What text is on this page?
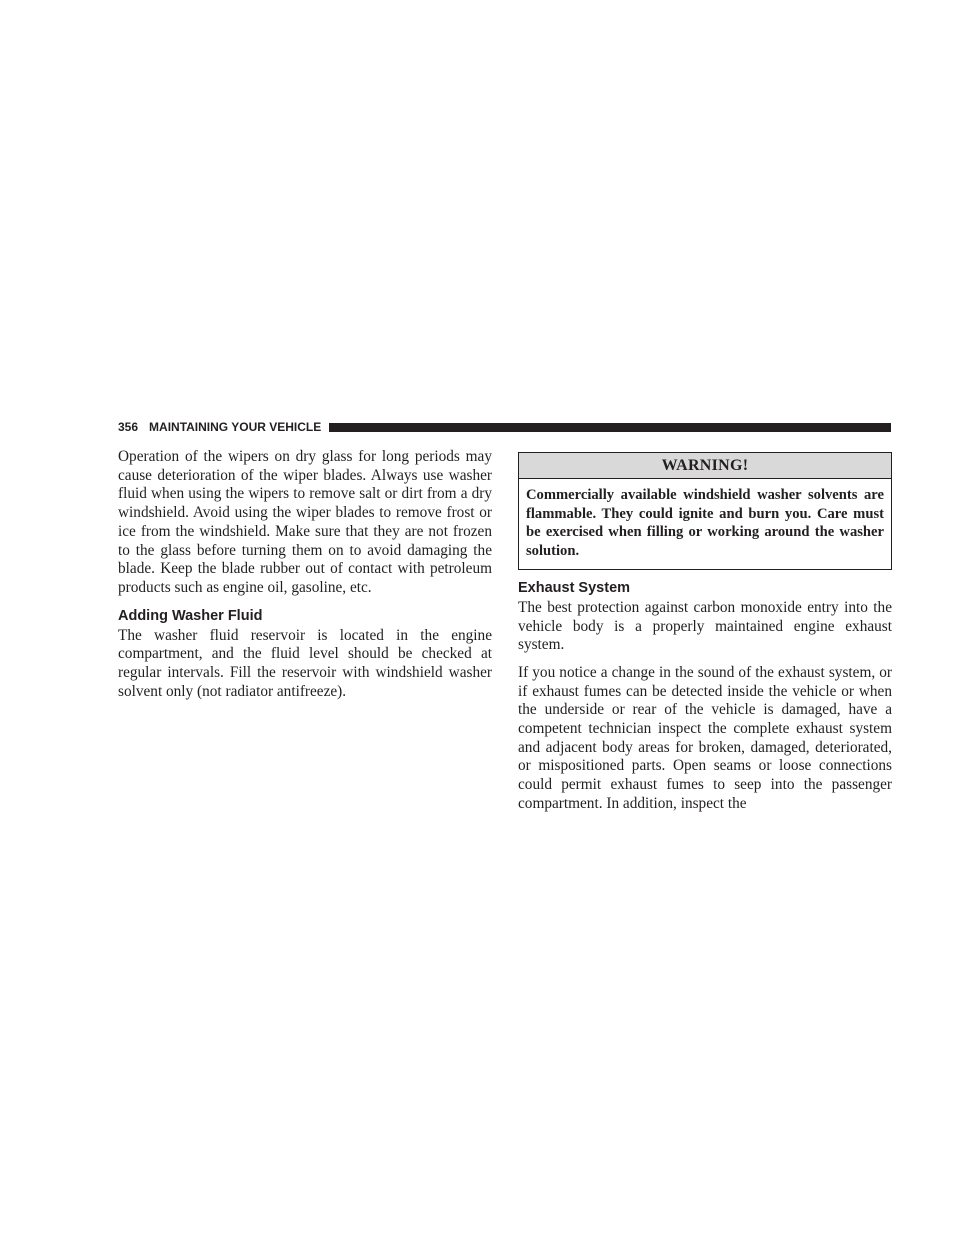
356 MAINTAINING YOUR VEHICLE

Operation of the wipers on dry glass for long periods may cause deterioration of the wiper blades. Always use washer fluid when using the wipers to remove salt or dirt from a dry windshield. Avoid using the wiper blades to remove frost or ice from the windshield. Make sure that they are not frozen to the glass before turning them on to avoid damaging the blade. Keep the blade rubber out of contact with petroleum products such as engine oil, gasoline, etc.

Adding Washer Fluid

The washer fluid reservoir is located in the engine compartment, and the fluid level should be checked at regular intervals. Fill the reservoir with windshield washer solvent only (not radiator antifreeze).

WARNING!
Commercially available windshield washer solvents are flammable. They could ignite and burn you. Care must be exercised when filling or working around the washer solution.
Exhaust System

The best protection against carbon monoxide entry into the vehicle body is a properly maintained engine exhaust system.

If you notice a change in the sound of the exhaust system, or if exhaust fumes can be detected inside the vehicle or when the underside or rear of the vehicle is damaged, have a competent technician inspect the complete exhaust system and adjacent body areas for broken, damaged, deteriorated, or mispositioned parts. Open seams or loose connections could permit exhaust fumes to seep into the passenger compartment. In addition, inspect the
